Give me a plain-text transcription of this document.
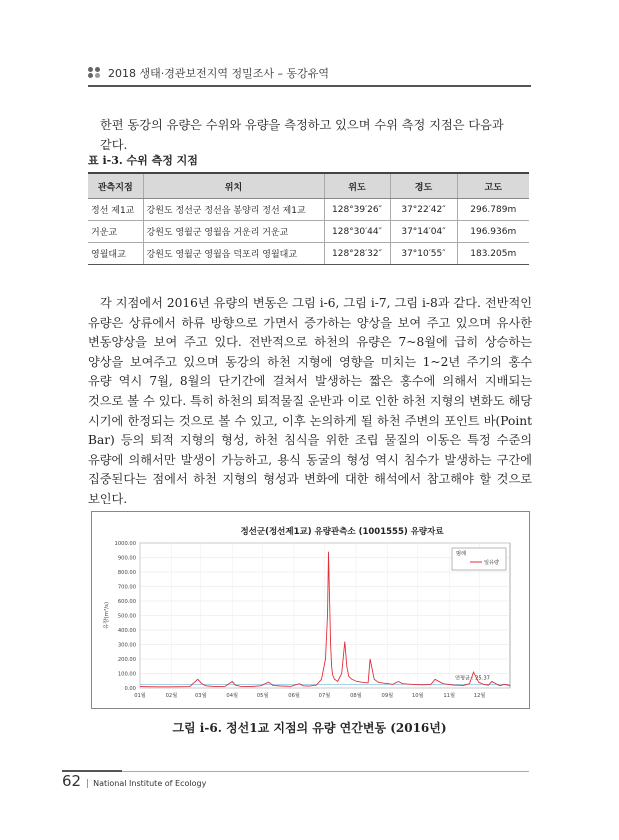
2018 생태·경관보전지역 정밀조사 – 동강유역

한편 동강의 유량은 수위와 유량을 측정하고 있으며 수위 측정 지점은 다음과 같다.

표 i-3. 수위 측정 지점
관측지점	위치	위도	경도	고도
정선 제1교	강원도 정선군 정선읍 봉양리 정선 제1교	128°39′26″	37°22′42″	296.789m
거운교	강원도 영월군 영월읍 거운리 거운교	128°30′44″	37°14′04″	196.936m
영월대교	강원도 영월군 영월읍 덕포리 영월대교	128°28′32″	37°10′55″	183.205m

각 지점에서 2016년 유량의 변동은 그림 i-6, 그림 i-7, 그림 i-8과 같다. 전반적인 유량은 상류에서 하류 방향으로 가면서 증가하는 양상을 보여 주고 있으며 유사한 변동양상을 보여 주고 있다. 전반적으로 하천의 유량은 7~8월에 급히 상승하는 양상을 보여주고 있으며 동강의 하천 지형에 영향을 미치는 1~2년 주기의 홍수 유량 역시 7월, 8월의 단기간에 걸쳐서 발생하는 짧은 홍수에 의해서 지배되는 것으로 볼 수 있다. 특히 하천의 퇴적물질 운반과 이로 인한 하천 지형의 변화도 해당 시기에 한정되는 것으로 볼 수 있고, 이후 논의하게 될 하천 주변의 포인트 바(Point Bar) 등의 퇴적 지형의 형성, 하천 침식을 위한 조립 물질의 이동은 특정 수준의 유량에 의해서만 발생이 가능하고, 용식 동굴의 형성 역시 침수가 발생하는 구간에 집중된다는 점에서 하천 지형의 형성과 변화에 대한 해석에서 참고해야 할 것으로 보인다.

정선군(정선제1교) 유량관측소 (1001555) 유량자료
0.00
100.00
200.00
300.00
400.00
500.00
600.00
700.00
800.00
900.00
1000.00
유량(m³/s)
01월	02월	03월	04월	05월	06월	07월	08월	09월	10월	11월	12월
연평균 : 25.37
범례
일유량
그림 i-6. 정선1교 지점의 유량 연간변동 (2016년)
62 | National Institute of Ecology
